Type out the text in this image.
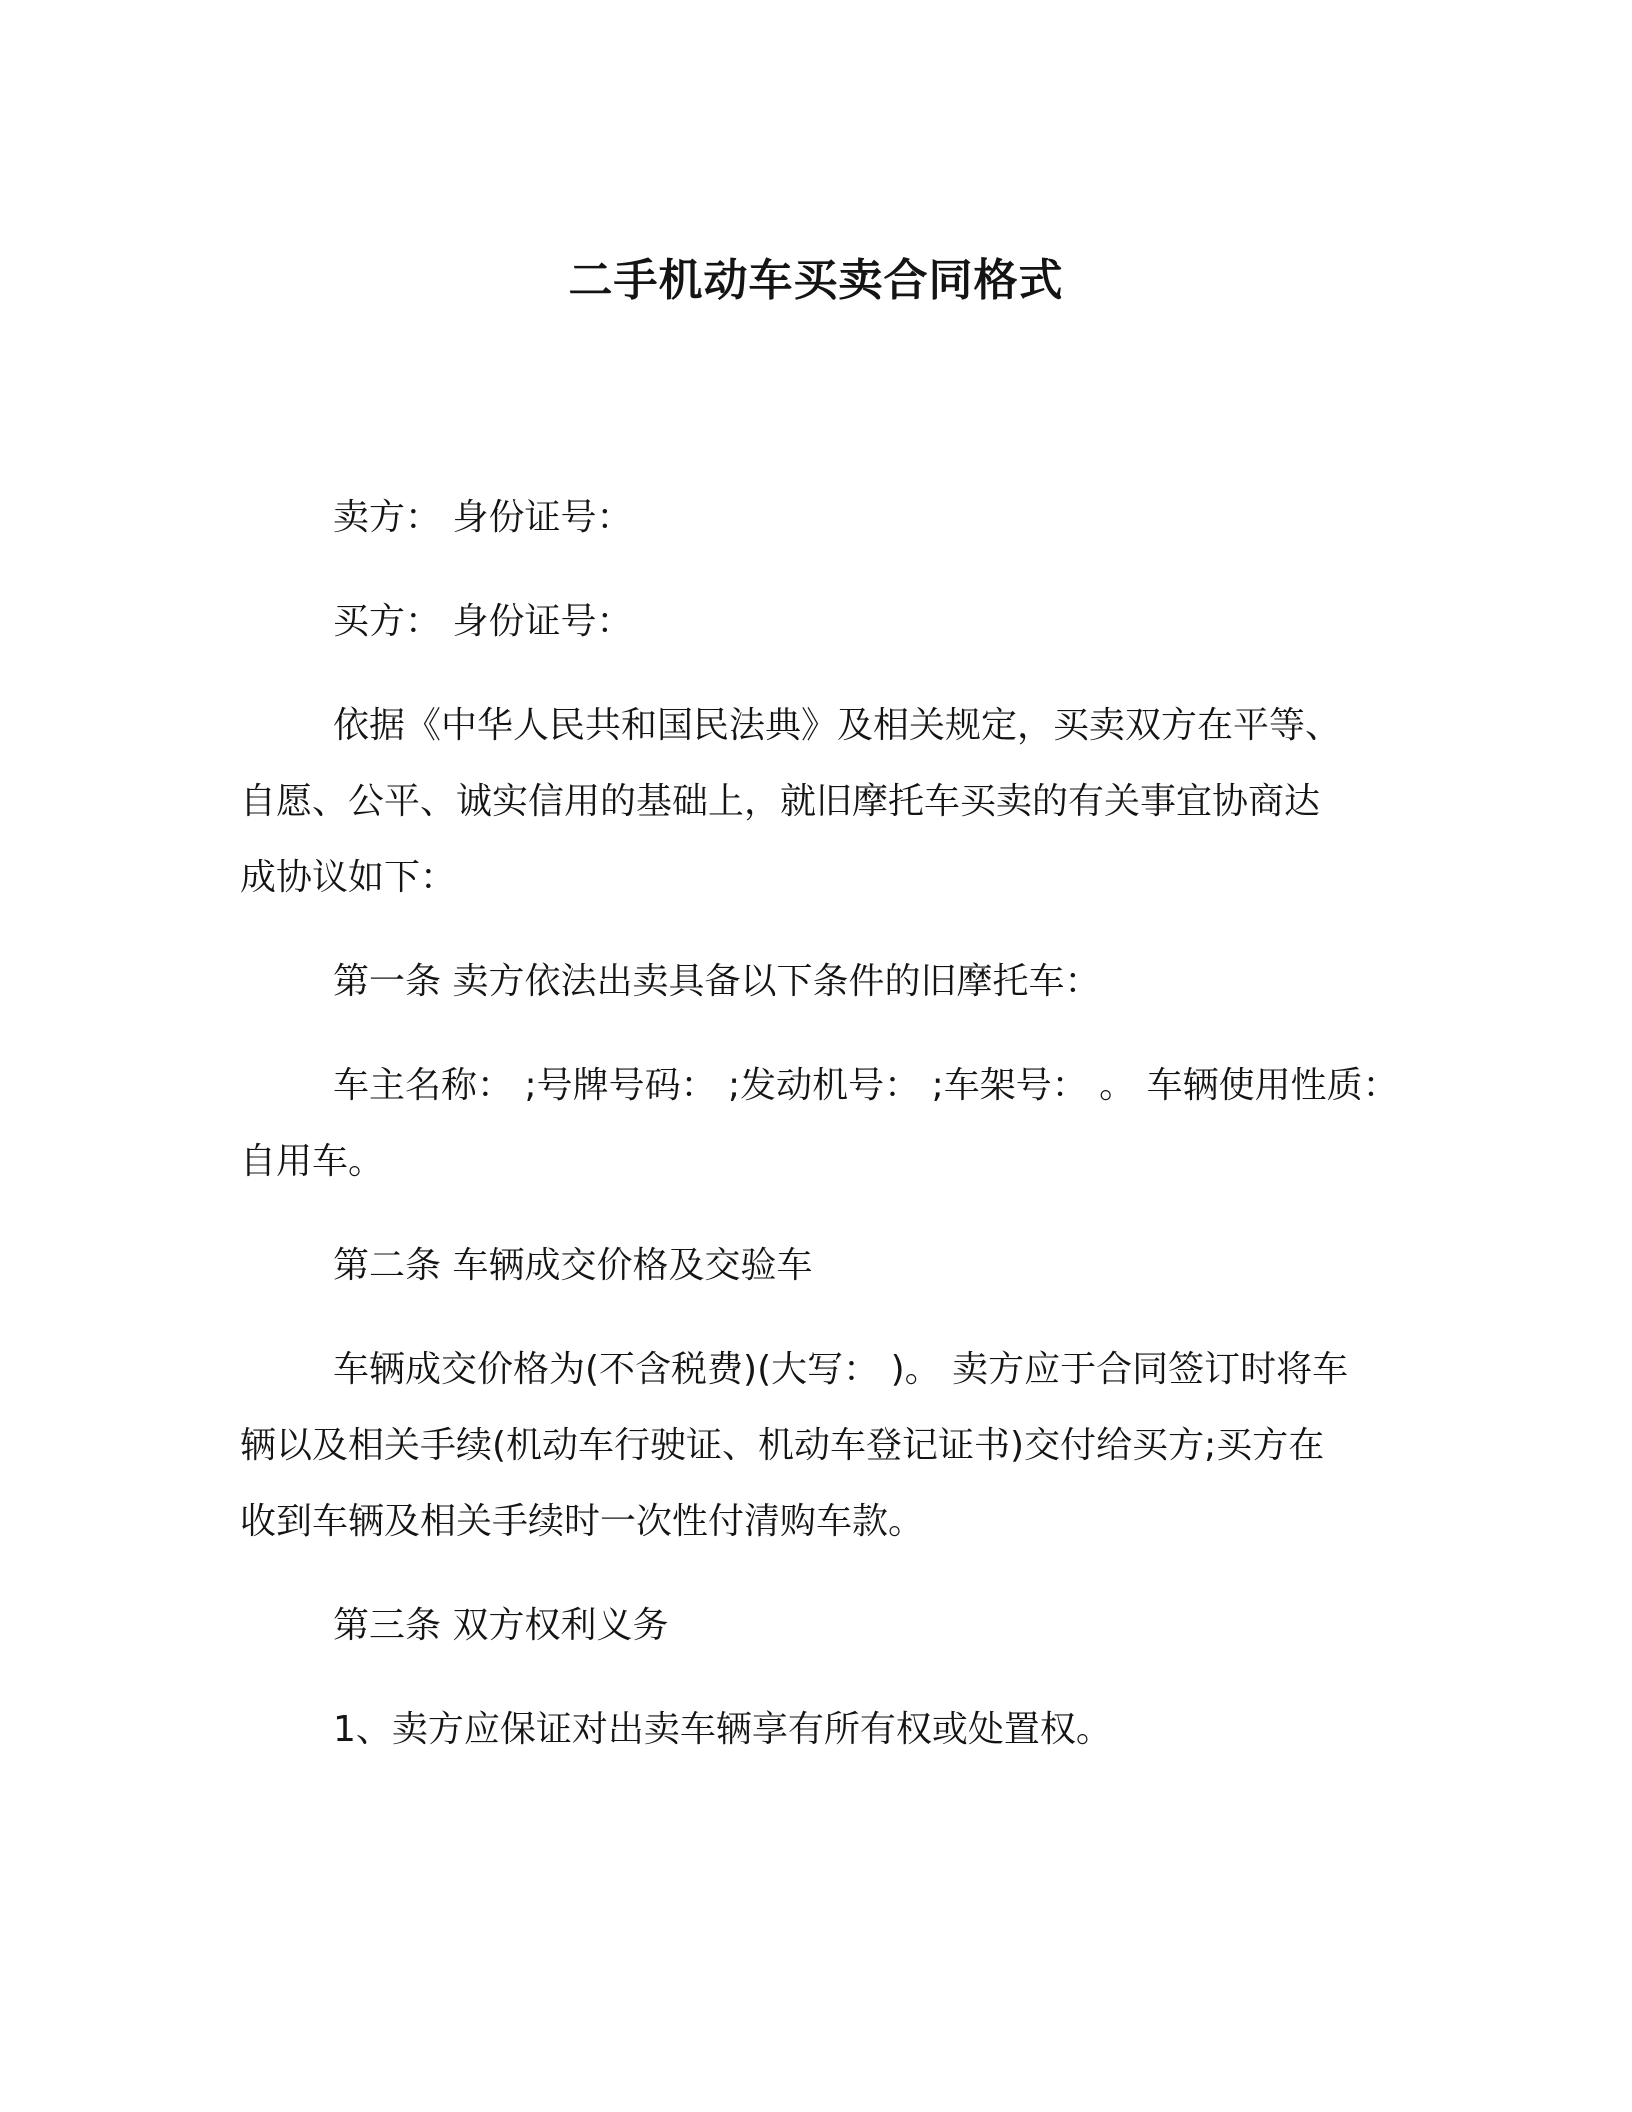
二手机动车买卖合同格式

卖方： 身份证号：

买方： 身份证号：

依据《中华人民共和国民法典》及相关规定，买卖双方在平等、

自愿、公平、诚实信用的基础上，就旧摩托车买卖的有关事宜协商达

成协议如下：

第一条 卖方依法出卖具备以下条件的旧摩托车：

车主名称： ;号牌号码： ;发动机号： ;车架号： 。 车辆使用性质：

自用车。

第二条 车辆成交价格及交验车

车辆成交价格为(不含税费)(大写： )。 卖方应于合同签订时将车

辆以及相关手续(机动车行驶证、机动车登记证书)交付给买方;买方在

收到车辆及相关手续时一次性付清购车款。

第三条 双方权利义务

1、卖方应保证对出卖车辆享有所有权或处置权。
